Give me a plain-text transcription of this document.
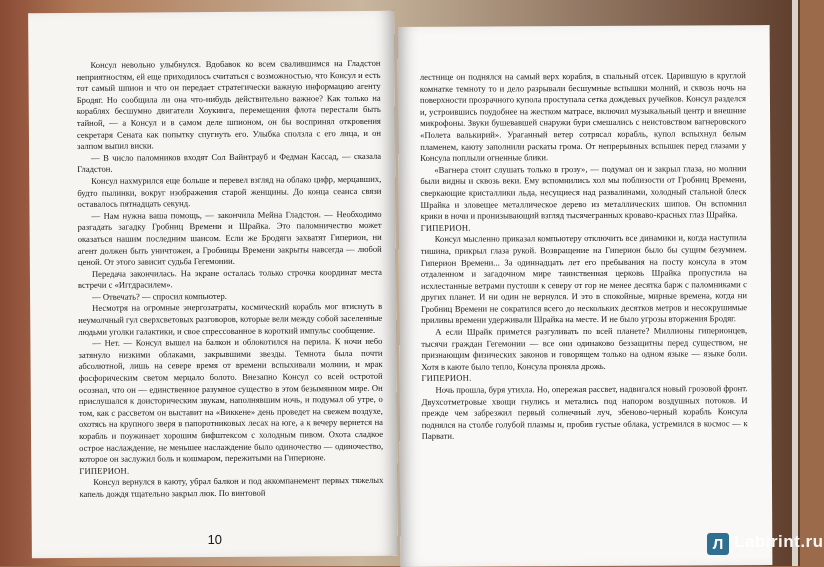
Консул невольно улыбнулся. Вдобавок ко всем свалившимся на Гладстон неприятностям, ей еще приходилось считаться с возможностью, что Консул и есть тот самый шпион и что он передает стратегически важную информацию агенту Бродяг. Но сообщила ли она что-нибудь действительно важное? Как только на кораблях бесшумно двигатели Хоукинга, перемещения флота перестали быть тайной, — а Консул и в самом деле шпионом, он бы воспринял откровения секретаря Сената как попытку спугнуть его. Улыбка сползла с его лица, и он залпом выпил виски.

— В число паломников входят Сол Вайнтрауб и Федман Кассад, — сказала Гладстон.

Консул нахмурился еще больше и перевел взгляд на облако цифр, мерцавших, будто пылинки, вокруг изображения старой женщины. До конца сеанса связи оставалось пятнадцать секунд.

— Нам нужна ваша помощь, — закончила Мейна Гладстон. — Необходимо разгадать загадку Гробниц Времени и Шрайка. Это паломничество может оказаться нашим последним шансом. Если же Бродяги захватят Гиперион, ни агент должен быть уничтожен, а Гробницы Времени закрыты навсегда — любой ценой. От этого зависит судьба Гегемонии.

Передача закончилась. На экране осталась только строчка координат места встречи с «Иггдрасилем».

— Отвечать? — спросил компьютер.

Несмотря на огромные энергозатраты, космический корабль мог втиснуть в неумолчный гул сверхсветовых разговоров, которые вели между собой заселенные людьми уголки галактики, и свое спрессованное в короткий импульс сообщение.

— Нет. — Консул вышел на балкон и облокотился на перила. К ночи небо затянуло низкими облаками, закрывшими звезды. Темнота была почти абсолютной, лишь на севере время от времени вспыхивали молнии, и мрак фосфорическим светом мерцало болото. Внезапно Консул со всей остротой осознал, что он — единственное разумное существо в этом безымянном мире. Он прислушался к доисторическим звукам, наполнявшим ночь, и подумал об утре, о том, как с рассветом он выставит на «Виккене» день проведет на свежем воздухе, охотясь на крупного зверя в папоротниковых лесах на юге, а к вечеру вернется на корабль и поужинает хорошим бифштексом с холодным пивом. Охота сладкое острое наслаждение, не меньшее наслаждение было одиночество — одиночество, которое он заслужил боль и кошмаром, пережитыми на Гиперионе.

ГИПЕРИОН.

Консул вернулся в каюту, убрал балкон и под аккомпанемент первых тяжелых капель дождя тщательно закрыл люк. По винтовой

10

лестнице он поднялся на самый верх корабля, в спальный отсек. Царившую в круглой комнатке темноту то и дело разрывали бесшумные вспышки молний, и сквозь ночь на поверхности прозрачного купола проступала сетка дождевых ручейков. Консул разделся и, устроившись поудобнее на жестком матрасе, включил музыкальный центр и внешние микрофоны. Звуки бушевавшей снаружи бури смешались с неистовством вагнеровского «Полета валькирий». Ураганный ветер сотрясал корабль, купол вспыхнул белым пламенем, каюту заполнили раскаты грома. От непрерывных вспышек перед глазами у Консула поплыли огненные блики.

«Вагнера стоит слушать только в грозу», — подумал он и закрыл глаза, но молнии были видны и сквозь веки. Ему вспомнились хол мы поблизости от Гробниц Времени, сверкающие кристаллики льда, несущиеся над развалинами, холодный стальной блеск Шрайка и зловещее металлическое дерево из металлических шипов. Он вспомнил крики в ночи и пронизывающий взгляд тысячегранных кроваво-красных глаз Шрайка.

ГИПЕРИОН.

Консул мысленно приказал компьютеру отключить все динамики и, когда наступила тишина, прикрыл глаза рукой. Возвращение на Гиперион было бы сущим безумием. Гиперион Времени... За одиннадцать лет его пребывания на посту консула в этом отдаленном и загадочном мире таинственная церковь Шрайка пропустила на исхлестанные ветрами пустоши к северу от гор не менее десятка барж с паломниками с других планет. И ни один не вернулся. И это в спокойные, мирные времена, когда ни Гробниц Времени не сократился всего до нескольких десятков метров и несокрушимые приливы времени удерживали Шрайка на месте. И не было угрозы вторжения Бродяг.

А если Шрайк примется разгуливать по всей планете? Миллионы гиперионцев, тысячи граждан Гегемонии — все они одинаково беззащитны перед существом, не признающим физических законов и говорящем только на одном языке — языке боли. Хотя в каюте было тепло, Консула проняла дрожь.

ГИПЕРИОН.

Ночь прошла, буря утихла. Но, опережая рассвет, надвигался новый грозовой фронт. Двухсотметровые хвощи гнулись и метались под напором воздушных потоков. И прежде чем забрезжил первый солнечный луч, эбеново-черный корабль Консула поднялся на столбе голубой плазмы и, пробив густые облака, устремился в космос — к Парвати.

Л Labirint.ru
